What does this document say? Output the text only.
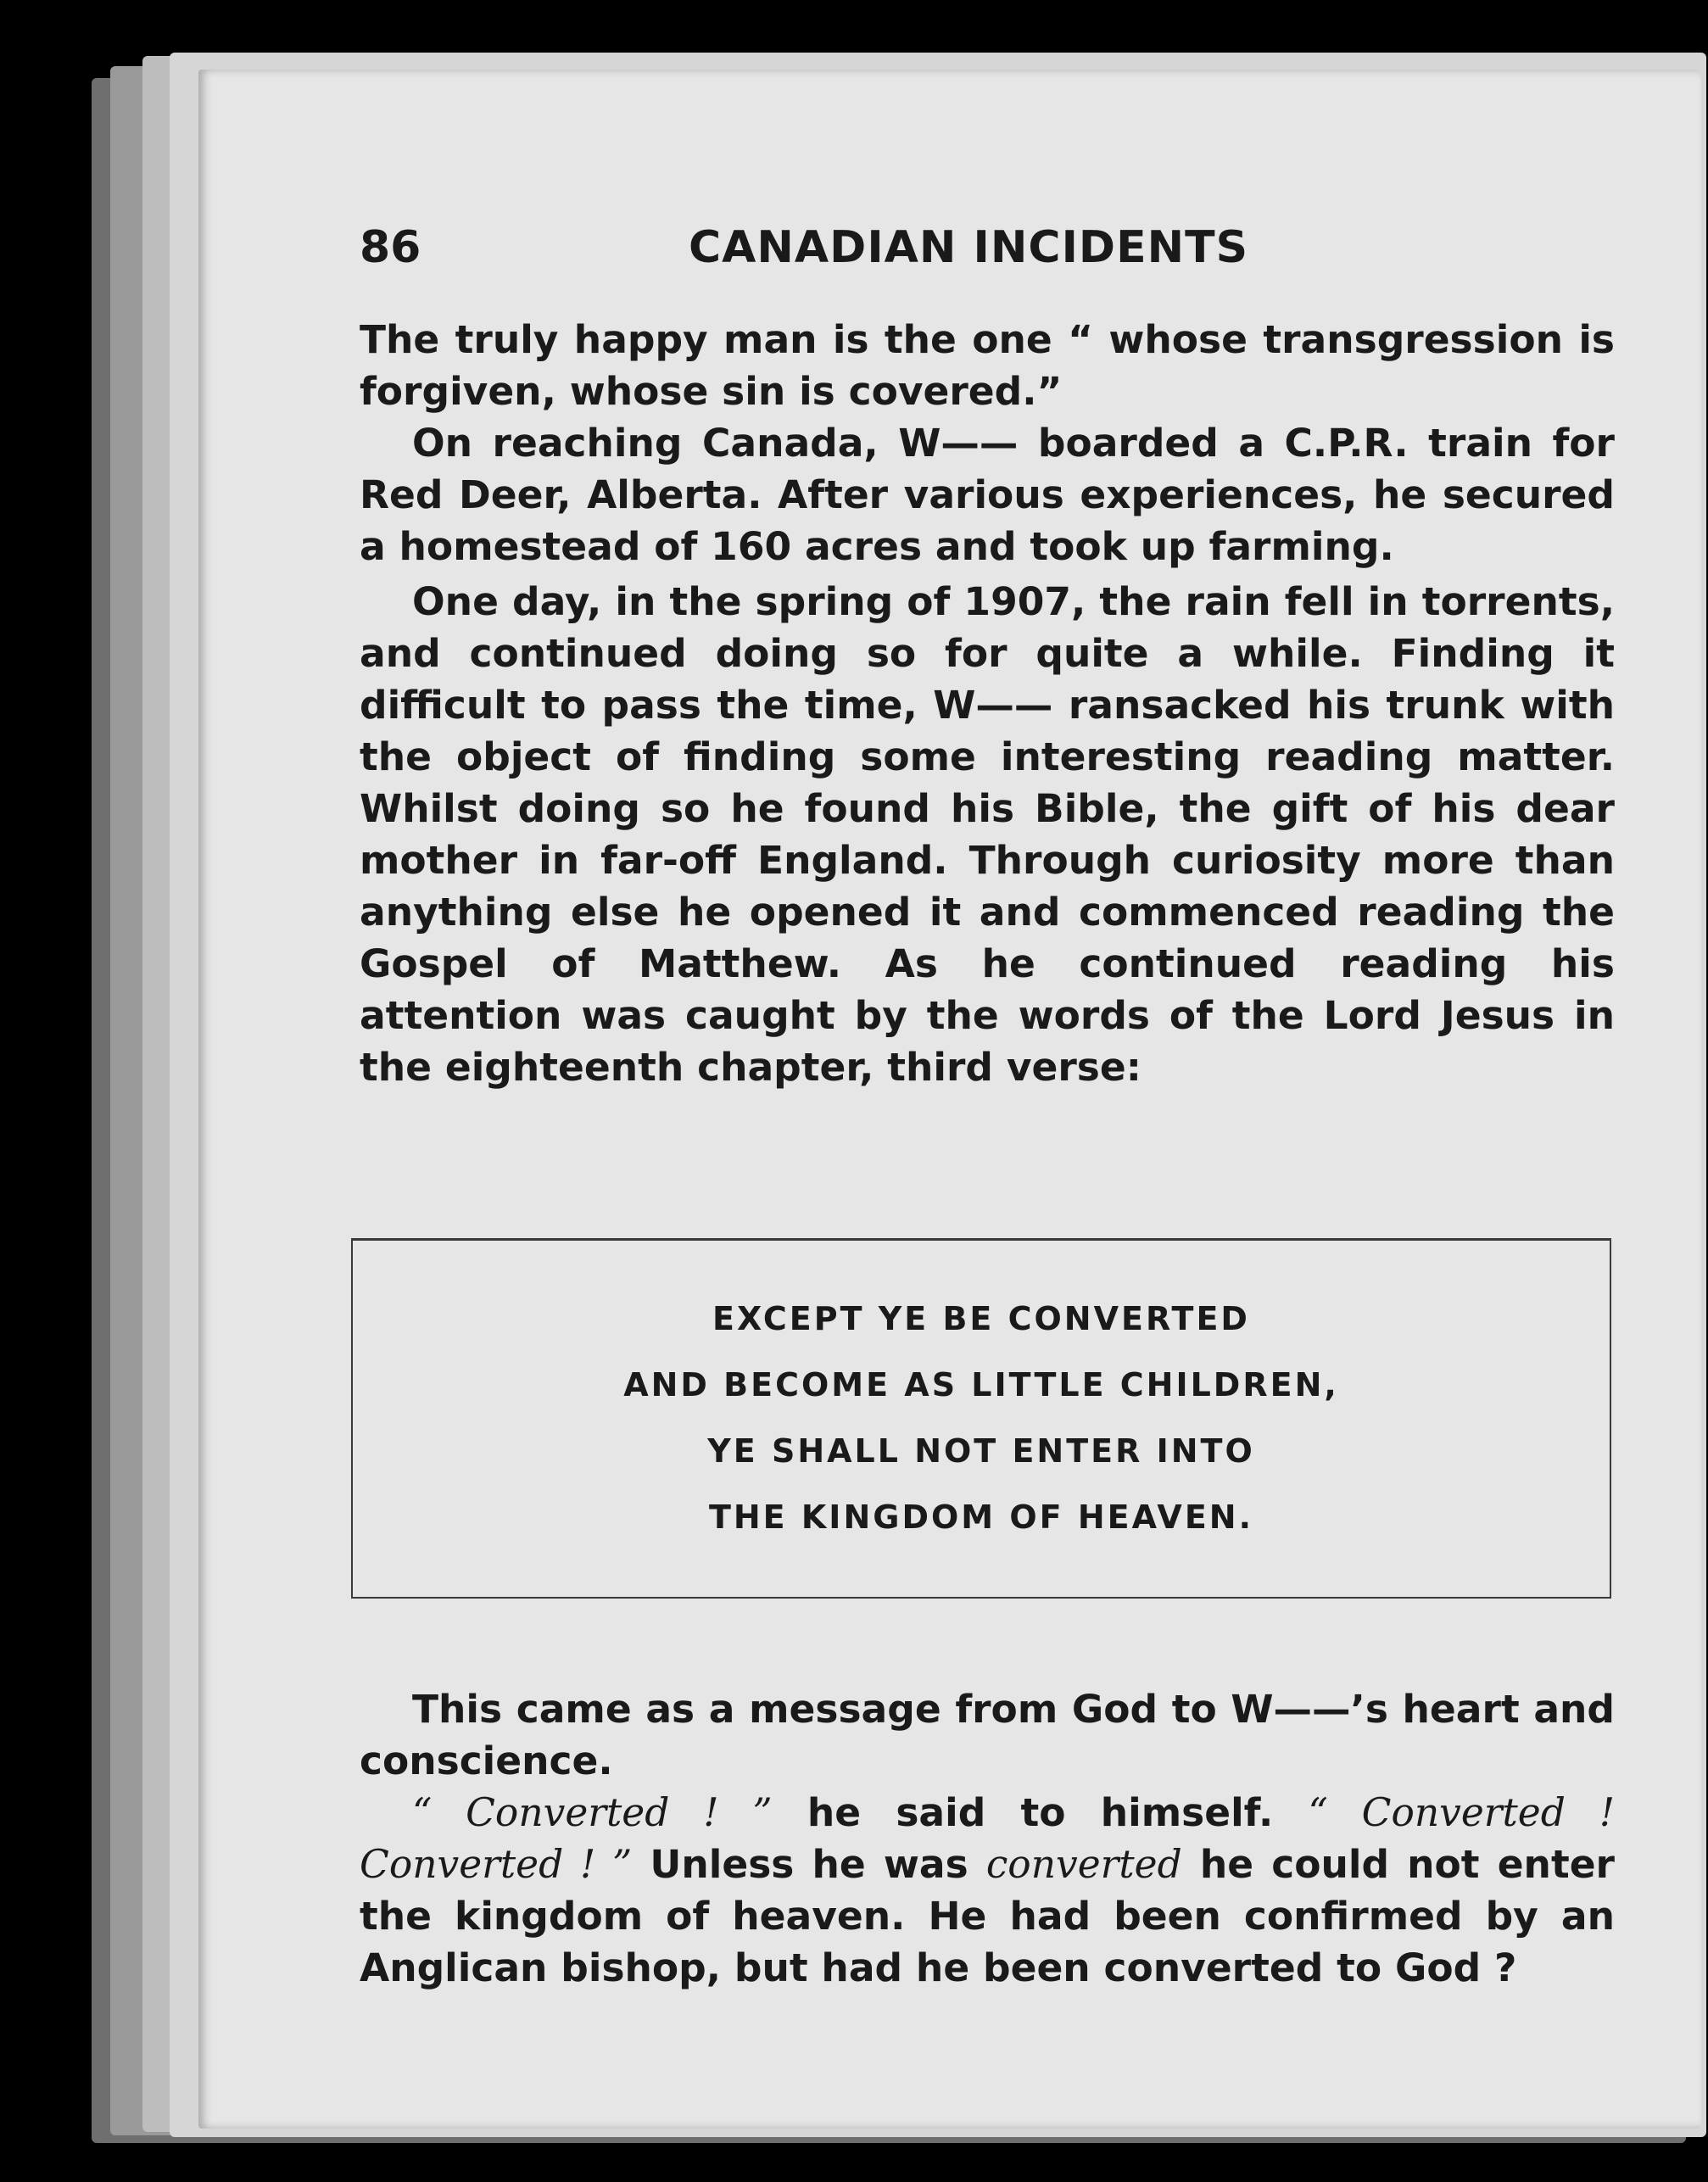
86	CANADIAN INCIDENTS

The truly happy man is the one “ whose transgression is forgiven, whose sin is covered.”

On reaching Canada, W—— boarded a C.P.R. train for Red Deer, Alberta. After various experiences, he secured a homestead of 160 acres and took up farming.

One day, in the spring of 1907, the rain fell in torrents, and continued doing so for quite a while. Finding it difficult to pass the time, W—— ransacked his trunk with the object of finding some interesting reading matter. Whilst doing so he found his Bible, the gift of his dear mother in far-off England. Through curiosity more than anything else he opened it and commenced reading the Gospel of Matthew. As he continued reading his attention was caught by the words of the Lord Jesus in the eighteenth chapter, third verse:

EXCEPT YE BE CONVERTED
AND BECOME AS LITTLE CHILDREN,
YE SHALL NOT ENTER INTO
THE KINGDOM OF HEAVEN.

This came as a message from God to W——’s heart and conscience.

“ Converted ! ” he said to himself. “ Converted ! Converted ! ” Unless he was converted he could not enter the kingdom of heaven. He had been confirmed by an Anglican bishop, but had he been converted to God ?
